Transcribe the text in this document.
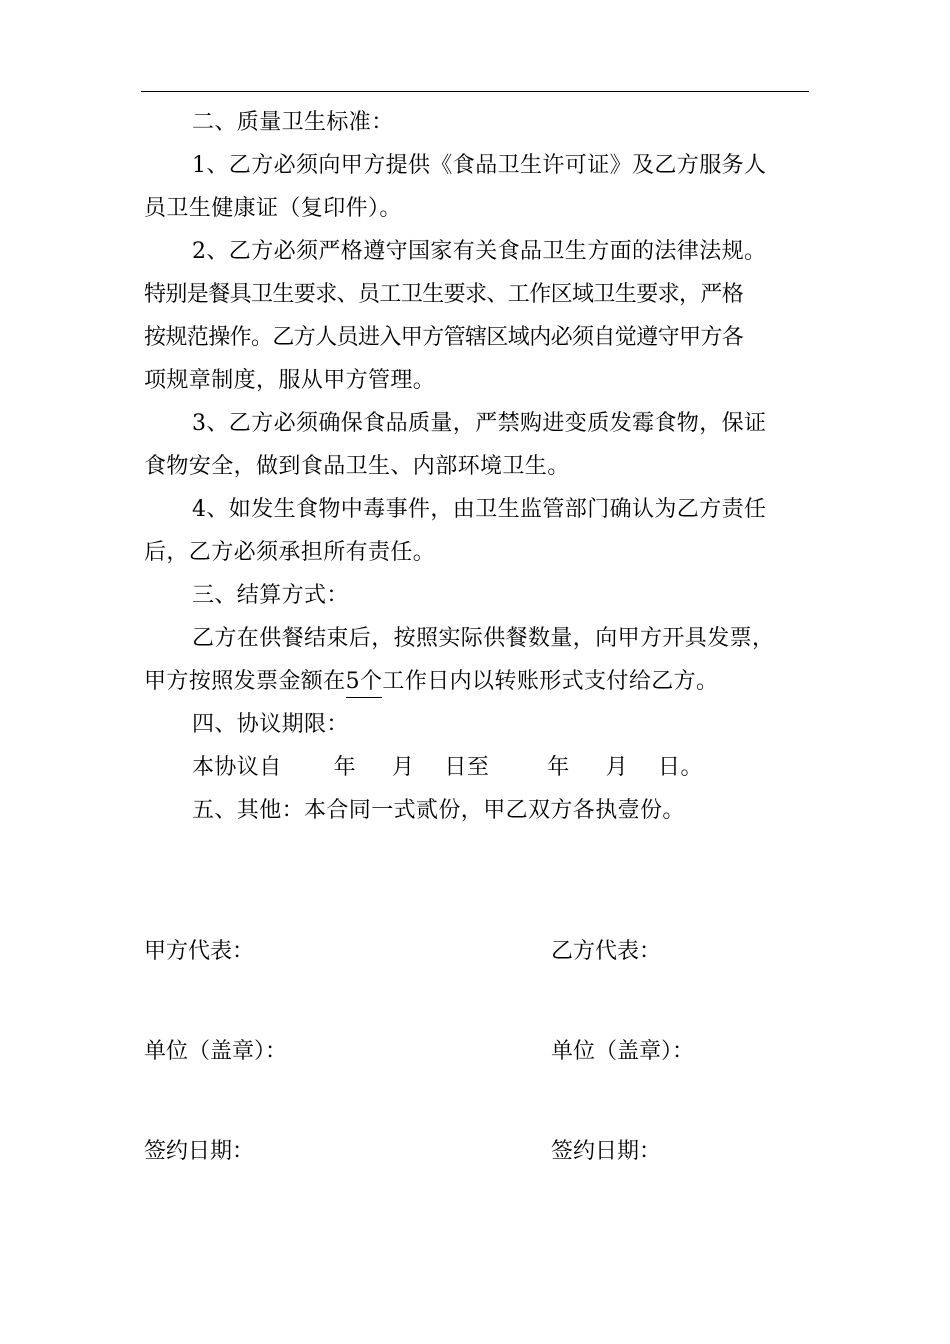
二、质量卫生标准：
1、乙方必须向甲方提供《食品卫生许可证》及乙方服务人
员卫生健康证（复印件）。
2、乙方必须严格遵守国家有关食品卫生方面的法律法规。
特别是餐具卫生要求、员工卫生要求、工作区域卫生要求，严格
按规范操作。乙方人员进入甲方管辖区域内必须自觉遵守甲方各
项规章制度，服从甲方管理。
3、乙方必须确保食品质量，严禁购进变质发霉食物，保证
食物安全，做到食品卫生、内部环境卫生。
4、如发生食物中毒事件，由卫生监管部门确认为乙方责任
后，乙方必须承担所有责任。
三、结算方式：
乙方在供餐结束后，按照实际供餐数量，向甲方开具发票，
甲方按照发票金额在5个工作日内以转账形式支付给乙方。
四、协议期限：
本协议自 年 月 日至	年 月 日。
五、其他：本合同一式贰份，甲乙双方各执壹份。
甲方代表：	乙方代表：
单位（盖章）：	单位（盖章）：
签约日期：	签约日期：
